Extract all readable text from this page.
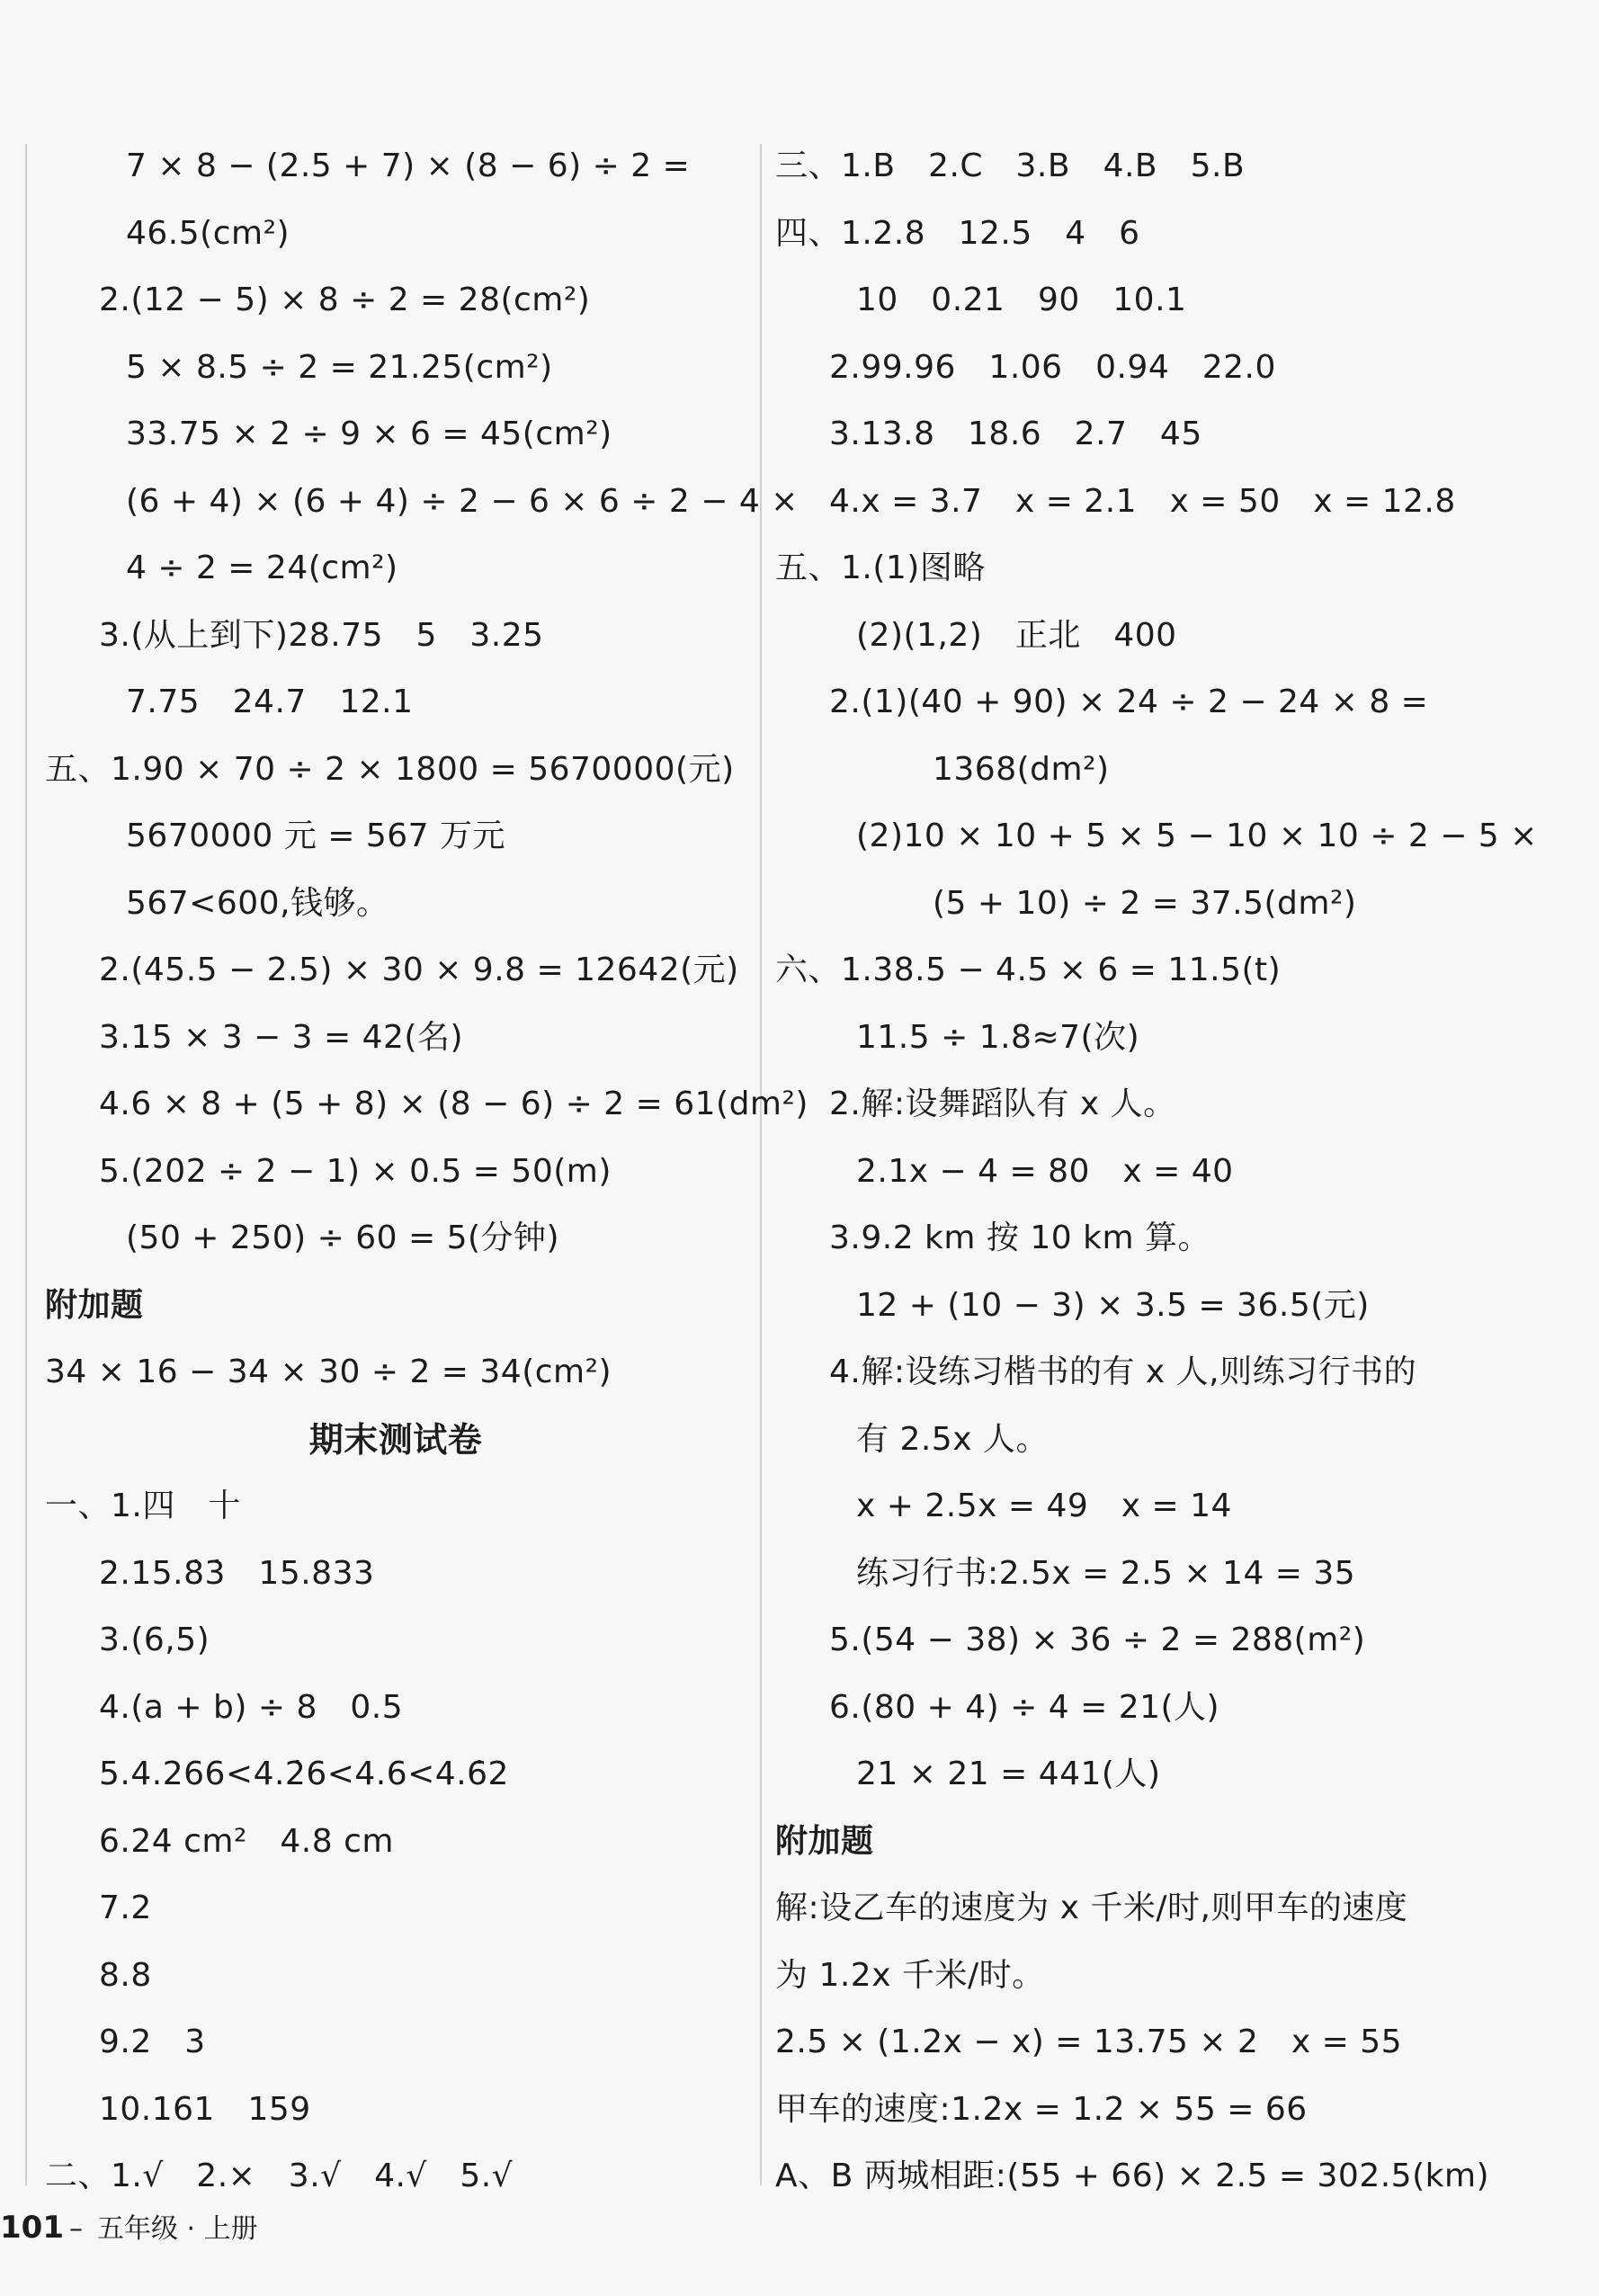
7 × 8 − (2.5 + 7) × (8 − 6) ÷ 2 =
46.5(cm²)
2.(12 − 5) × 8 ÷ 2 = 28(cm²)
5 × 8.5 ÷ 2 = 21.25(cm²)
33.75 × 2 ÷ 9 × 6 = 45(cm²)
(6 + 4) × (6 + 4) ÷ 2 − 6 × 6 ÷ 2 − 4 ×
4 ÷ 2 = 24(cm²)
3.(从上到下)28.75　5　3.25
7.75　24.7　12.1
五、1.90 × 70 ÷ 2 × 1800 = 5670000(元)
5670000 元 = 567 万元
567<600,钱够。
2.(45.5 − 2.5) × 30 × 9.8 = 12642(元)
3.15 × 3 − 3 = 42(名)
4.6 × 8 + (5 + 8) × (8 − 6) ÷ 2 = 61(dm²)
5.(202 ÷ 2 − 1) × 0.5 = 50(m)
(50 + 250) ÷ 60 = 5(分钟)
附加题
34 × 16 − 34 × 30 ÷ 2 = 34(cm²)
期末测试卷
一、1.四　十
2.15.8̇3̇　15.833
3.(6,5)
4.(a + b) ÷ 8　0.5
5.4.266<4.2̇6<4.6<4.6̇2
6.24 cm²　4.8 cm
7.2
8.8
9.2　3
10.161　159
二、1.√　2.×　3.√　4.√　5.√
三、1.B　2.C　3.B　4.B　5.B
四、1.2.8　12.5　4　6
10　0.21　90　10.1
2.99.96　1.06　0.94　22.0
3.13.8　18.6　2.7　45
4.x = 3.7　x = 2.1　x = 50　x = 12.8
五、1.(1)图略
(2)(1,2)　正北　400
2.(1)(40 + 90) × 24 ÷ 2 − 24 × 8 =
1368(dm²)
(2)10 × 10 + 5 × 5 − 10 × 10 ÷ 2 − 5 ×
(5 + 10) ÷ 2 = 37.5(dm²)
六、1.38.5 − 4.5 × 6 = 11.5(t)
11.5 ÷ 1.8≈7(次)
2.解:设舞蹈队有 x 人。
2.1x − 4 = 80　x = 40
3.9.2 km 按 10 km 算。
12 + (10 − 3) × 3.5 = 36.5(元)
4.解:设练习楷书的有 x 人,则练习行书的
有 2.5x 人。
x + 2.5x = 49　x = 14
练习行书:2.5x = 2.5 × 14 = 35
5.(54 − 38) × 36 ÷ 2 = 288(m²)
6.(80 + 4) ÷ 4 = 21(人)
21 × 21 = 441(人)
附加题
解:设乙车的速度为 x 千米/时,则甲车的速度
为 1.2x 千米/时。
2.5 × (1.2x − x) = 13.75 × 2　x = 55
甲车的速度:1.2x = 1.2 × 55 = 66
A、B 两城相距:(55 + 66) × 2.5 = 302.5(km)
101 – 五年级 · 上册
